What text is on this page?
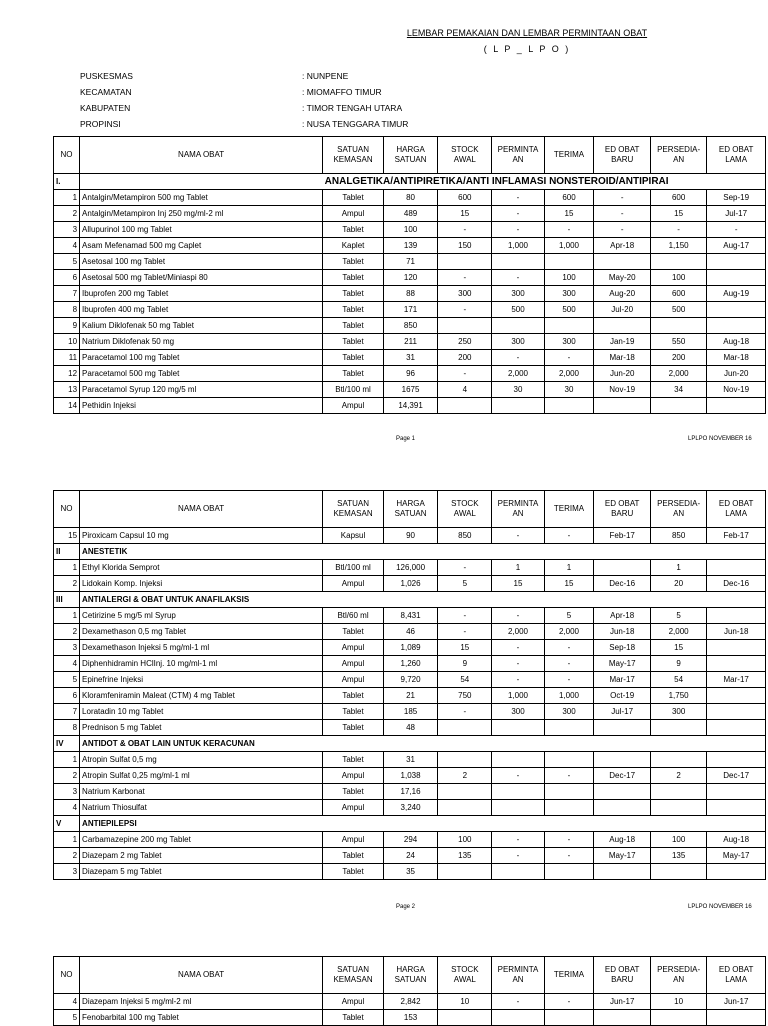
LEMBAR PEMAKAIAN DAN LEMBAR PERMINTAAN OBAT
( L P _ L P O )
PUSKESMAS	: NUNPENE
KECAMATAN	: MIOMAFFO TIMUR
KABUPATEN	: TIMOR TENGAH UTARA
PROPINSI	: NUSA TENGGARA TIMUR
NO	NAMA OBAT	SATUAN KEMASAN	HARGA SATUAN	STOCK AWAL	PERMINTA AN	TERIMA	ED OBAT BARU	PERSEDIA- AN	ED OBAT LAMA
I.		ANALGETIKA/ANTIPIRETIKA/ANTI INFLAMASI NONSTEROID/ANTIPIRAI							
1	Antalgin/Metampiron 500 mg Tablet	Tablet	80	600	-	600	-	600	Sep-19
2	Antalgin/Metampiron Inj 250 mg/ml-2 ml	Ampul	489	15	-	15	-	15	Jul-17
3	Allupurinol 100 mg Tablet	Tablet	100	-	-	-	-	-	-
4	Asam Mefenamad 500 mg Caplet	Kaplet	139	150	1,000	1,000	Apr-18	1,150	Aug-17
5	Asetosal 100 mg Tablet	Tablet	71						
6	Asetosal 500 mg Tablet/Miniaspi 80	Tablet	120	-	-	100	May-20	100	
7	Ibuprofen 200 mg Tablet	Tablet	88	300	300	300	Aug-20	600	Aug-19
8	Ibuprofen 400 mg Tablet	Tablet	171	-	500	500	Jul-20	500	
9	Kalium Diklofenak 50 mg Tablet	Tablet	850						
10	Natrium Diklofenak 50 mg	Tablet	211	250	300	300	Jan-19	550	Aug-18
11	Paracetamol 100 mg Tablet	Tablet	31	200	-	-	Mar-18	200	Mar-18
12	Paracetamol 500 mg Tablet	Tablet	96	-	2,000	2,000	Jun-20	2,000	Jun-20
13	Paracetamol Syrup 120 mg/5 ml	Btl/100 ml	1675	4	30	30	Nov-19	34	Nov-19
14	Pethidin Injeksi	Ampul	14,391						
Page 1	LPLPO NOVEMBER 16
NO	NAMA OBAT	SATUAN KEMASAN	HARGA SATUAN	STOCK AWAL	PERMINTA AN	TERIMA	ED OBAT BARU	PERSEDIA- AN	ED OBAT LAMA
15	Piroxicam Capsul 10 mg	Kapsul	90	850	-	-	Feb-17	850	Feb-17
II	ANESTETIK								
1	Ethyl Klorida Semprot	Btl/100 ml	126,000	-	1	1		1	
2	Lidokain Komp. Injeksi	Ampul	1,026	5	15	15	Dec-16	20	Dec-16
III	ANTIALERGI & OBAT UNTUK ANAFILAKSIS								
1	Cetirizine 5 mg/5 ml Syrup	Btl/60 ml	8,431	-	-	5	Apr-18	5	
2	Dexamethason 0,5 mg Tablet	Tablet	46	-	2,000	2,000	Jun-18	2,000	Jun-18
3	Dexamethason Injeksi 5 mg/ml-1 ml	Ampul	1,089	15	-	-	Sep-18	15	
4	Diphenhidramin HClInj. 10 mg/ml-1 ml	Ampul	1,260	9	-	-	May-17	9	
5	Epinefrine Injeksi	Ampul	9,720	54	-	-	Mar-17	54	Mar-17
6	Kloramfeniramin Maleat (CTM) 4 mg Tablet	Tablet	21	750	1,000	1,000	Oct-19	1,750	
7	Loratadin 10 mg Tablet	Tablet	185	-	300	300	Jul-17	300	
8	Prednison 5 mg Tablet	Tablet	48						
IV	ANTIDOT & OBAT LAIN UNTUK KERACUNAN								
1	Atropin Sulfat 0,5 mg	Tablet	31						
2	Atropin Sulfat 0,25 mg/ml-1 ml	Ampul	1,038	2	-	-	Dec-17	2	Dec-17
3	Natrium Karbonat	Tablet	17,16						
4	Natrium Thiosulfat	Ampul	3,240						
V	ANTIEPILEPSI								
1	Carbamazepine 200 mg Tablet	Ampul	294	100	-	-	Aug-18	100	Aug-18
2	Diazepam 2 mg Tablet	Tablet	24	135	-	-	May-17	135	May-17
3	Diazepam 5 mg Tablet	Tablet	35						
Page 2	LPLPO NOVEMBER 16
NO	NAMA OBAT	SATUAN KEMASAN	HARGA SATUAN	STOCK AWAL	PERMINTA AN	TERIMA	ED OBAT BARU	PERSEDIA- AN	ED OBAT LAMA
4	Diazepam Injeksi 5 mg/ml-2 ml	Ampul	2,842	10	-	-	Jun-17	10	Jun-17
5	Fenobarbital 100 mg Tablet	Tablet	153						
